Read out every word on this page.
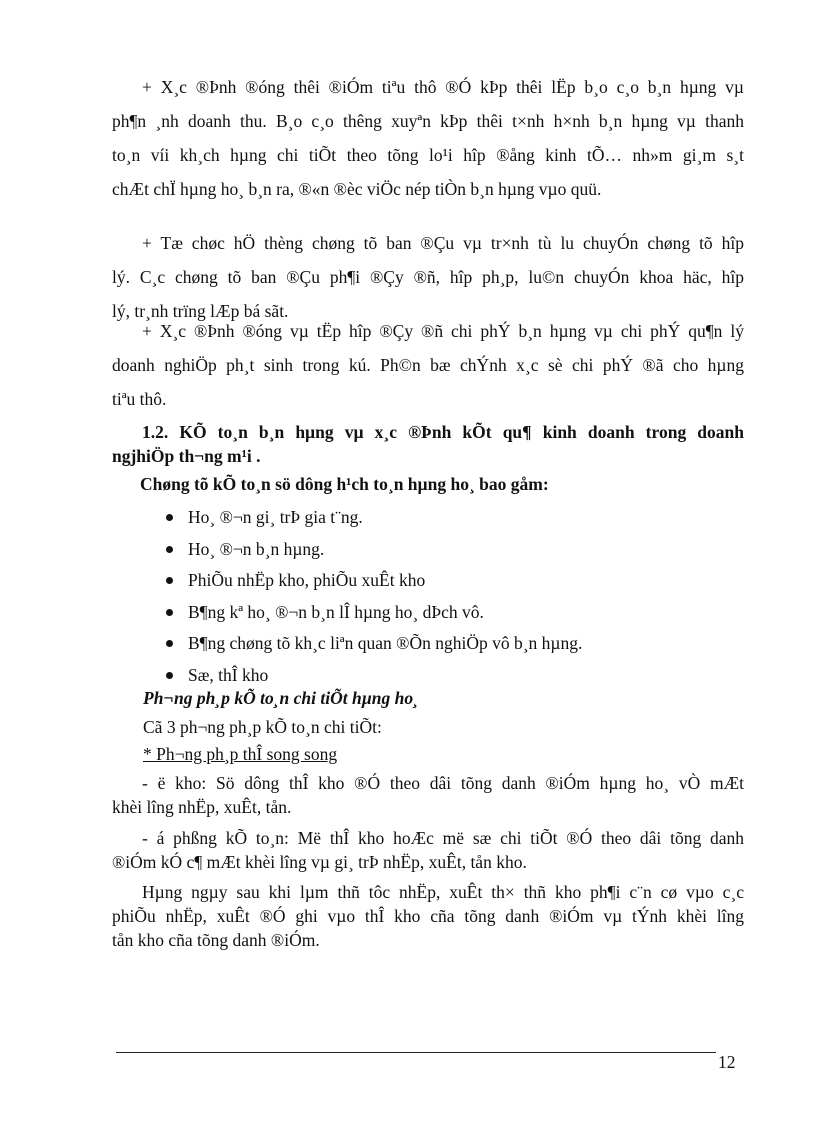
+ X¸c ®Þnh ®óng thêi ®iÓm tiªu thô ®Ó kÞp thêi lËp b¸o c¸o b¸n hµng vµ
ph¶n ¸nh doanh thu. B¸o c¸o thêng xuyªn kÞp thêi t×nh h×nh b¸n hµng vµ thanh
to¸n víi kh¸ch hµng chi tiÕt theo tõng lo¹i hîp ®ång kinh tÕ… nh»m gi¸m s¸t
chÆt chÏ hµng ho¸ b¸n ra, ®«n ®èc viÖc nép tiÒn b¸n hµng vµo quü.
+ Tæ chøc hÖ thèng chøng tõ ban ®Çu vµ tr×nh tù lu chuyÓn chøng tõ hîp
lý. C¸c chøng tõ ban ®Çu ph¶i ®Çy ®ñ, hîp ph¸p, lu©n chuyÓn khoa häc, hîp
lý, tr¸nh trïng lÆp bá sãt.
+ X¸c ®Þnh ®óng vµ tËp hîp ®Çy ®ñ chi phÝ b¸n hµng vµ chi phÝ qu¶n lý
doanh nghiÖp ph¸t sinh trong kú. Ph©n bæ chÝnh x¸c sè chi phÝ ®ã cho hµng
tiªu thô.
1.2. KÕ to¸n b¸n hµng vµ x¸c ®Þnh kÕt qu¶ kinh doanh trong doanh
ngjhiÖp th¬ng m¹i .

Chøng tõ kÕ to¸n sö dông h¹ch to¸n hµng ho¸ bao gåm:

Ho¸ ®¬n gi¸ trÞ gia t¨ng.
Ho¸ ®¬n b¸n hµng.
PhiÕu nhËp kho, phiÕu xuÊt kho
B¶ng kª ho¸ ®¬n b¸n lÎ hµng ho¸ dÞch vô.
B¶ng chøng tõ kh¸c liªn quan ®Õn nghiÖp vô b¸n hµng.
Sæ, thÎ kho

Ph¬ng ph¸p kÕ to¸n chi tiÕt hµng ho¸

Cã 3 ph¬ng ph¸p kÕ to¸n chi tiÕt:

* Ph¬ng ph¸p thÎ song song

- ë kho: Sö dông thÎ kho ®Ó theo dâi tõng danh ®iÓm hµng ho¸ vÒ mÆt
khèi lîng nhËp, xuÊt, tån.
- á phßng kÕ to¸n: Më thÎ kho hoÆc më sæ chi tiÕt ®Ó theo dâi tõng danh
®iÓm kÓ c¶ mÆt khèi lîng vµ gi¸ trÞ nhËp, xuÊt, tån kho.
Hµng ngµy sau khi lµm thñ tôc nhËp, xuÊt th× thñ kho ph¶i c¨n cø vµo c¸c
phiÕu nhËp, xuÊt ®Ó ghi vµo thÎ kho cña tõng danh ®iÓm vµ tÝnh khèi lîng
tån kho cña tõng danh ®iÓm.
12
